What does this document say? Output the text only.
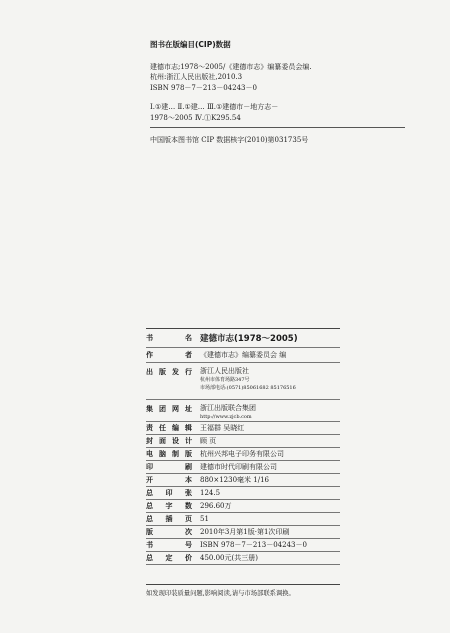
图书在版编目(CIP)数据
建德市志;1978～2005/《建德市志》编纂委员会编.
杭州:浙江人民出版社,2010.3
ISBN 978－7－213－04243－0
Ⅰ.①建… Ⅱ.①建… Ⅲ.①建德市－地方志－
1978～2005 Ⅳ.①K295.54
中国版本图书馆 CIP 数据核字(2010)第031735号
书名 建德市志(1978～2005)
作者	《建德市志》编纂委员会 编
出版发行	浙江人民出版社
杭州市体育场路347号
市场部电话:(0571)85061682 85176516
集团网址	浙江出版联合集团
http://www.zjcb.com
责任编辑	王福群 吴晓红
封面设计	顾 页
电脑制版	杭州兴邦电子印务有限公司
印刷	建德市时代印刷有限公司
开本	880×1230毫米 1/16
总印张	124.5
总字数	296.60万
总插页	51
版次	2010年3月第1版·第1次印刷
书号	ISBN 978－7－213－04243－0
总定价	450.00元(共三册)
如发现印装质量问题,影响阅读,请与市场部联系调换。
